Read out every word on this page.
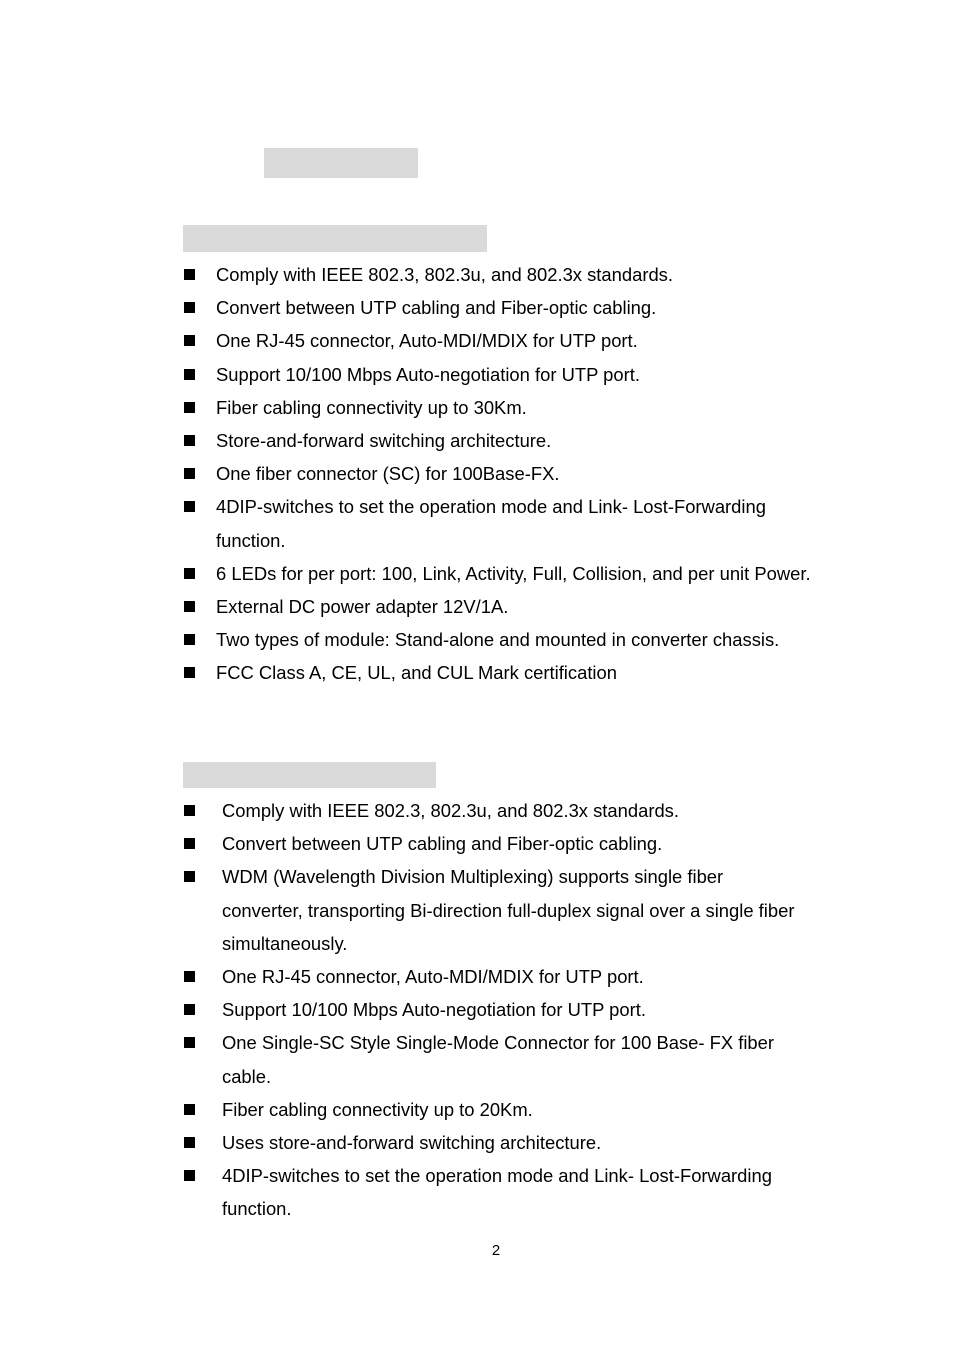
Comply with IEEE 802.3, 802.3u, and 802.3x standards.
Convert between UTP cabling and Fiber-optic cabling.
One RJ-45 connector, Auto-MDI/MDIX for UTP port.
Support 10/100 Mbps Auto-negotiation for UTP port.
Fiber cabling connectivity up to 30Km.
Store-and-forward switching architecture.
One fiber connector (SC) for 100Base-FX.
4DIP-switches to set the operation mode and Link- Lost-Forwarding function.
6 LEDs for per port: 100, Link, Activity, Full, Collision, and per unit Power.
External DC power adapter 12V/1A.
Two types of module: Stand-alone and mounted in converter chassis.
FCC Class A, CE, UL, and CUL Mark certification
Comply with IEEE 802.3, 802.3u, and 802.3x standards.
Convert between UTP cabling and Fiber-optic cabling.
WDM (Wavelength Division Multiplexing) supports single fiber converter, transporting Bi-direction full-duplex signal over a single fiber simultaneously.
One RJ-45 connector, Auto-MDI/MDIX for UTP port.
Support 10/100 Mbps Auto-negotiation for UTP port.
One Single-SC Style Single-Mode Connector for 100 Base- FX fiber cable.
Fiber cabling connectivity up to 20Km.
Uses store-and-forward switching architecture.
4DIP-switches to set the operation mode and Link- Lost-Forwarding function.
2
